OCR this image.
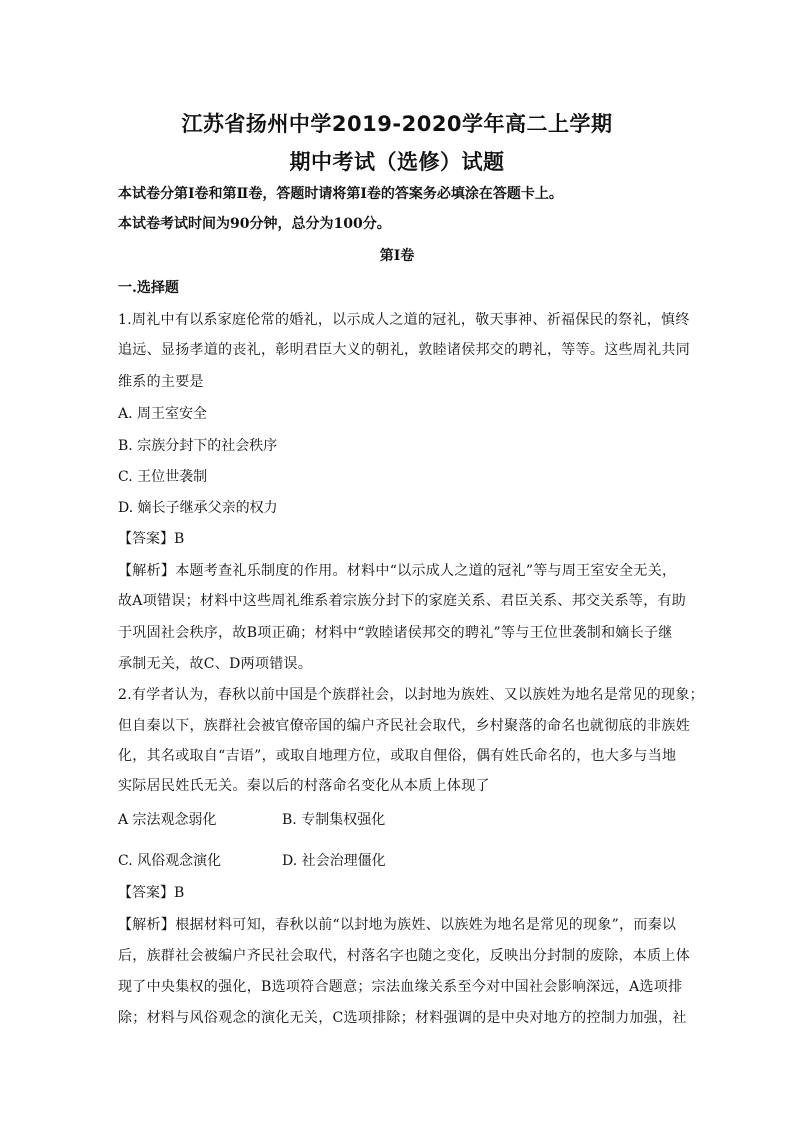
江苏省扬州中学2019-2020学年高二上学期
期中考试（选修）试题
本试卷分第Ⅰ卷和第Ⅱ卷，答题时请将第Ⅰ卷的答案务必填涂在答题卡上。
本试卷考试时间为90分钟，总分为100分。
第Ⅰ卷
一.选择题
1.周礼中有以系家庭伦常的婚礼，以示成人之道的冠礼，敬天事神、祈福保民的祭礼，慎终
追远、显扬孝道的丧礼，彰明君臣大义的朝礼，敦睦诸侯邦交的聘礼，等等。这些周礼共同
维系的主要是
A. 周王室安全
B. 宗族分封下的社会秩序
C. 王位世袭制
D. 嫡长子继承父亲的权力
【答案】B
【解析】本题考查礼乐制度的作用。材料中“以示成人之道的冠礼”等与周王室安全无关，
故A项错误；材料中这些周礼维系着宗族分封下的家庭关系、君臣关系、邦交关系等，有助
于巩固社会秩序，故B项正确；材料中“敦睦诸侯邦交的聘礼”等与王位世袭制和嫡长子继
承制无关，故C、D两项错误。
2.有学者认为，春秋以前中国是个族群社会，以封地为族姓、又以族姓为地名是常见的现象；
但自秦以下，族群社会被官僚帝国的编户齐民社会取代，乡村聚落的命名也就彻底的非族姓
化，其名或取自“吉语”，或取自地理方位，或取自俚俗，偶有姓氏命名的，也大多与当地
实际居民姓氏无关。秦以后的村落命名变化从本质上体现了
A 宗法观念弱化	B. 专制集权强化
C. 风俗观念演化	D. 社会治理僵化
【答案】B
【解析】根据材料可知，春秋以前“以封地为族姓、以族姓为地名是常见的现象”，而秦以
后，族群社会被编户齐民社会取代，村落名字也随之变化，反映出分封制的废除，本质上体
现了中央集权的强化，B选项符合题意；宗法血缘关系至今对中国社会影响深远，A选项排
除；材料与风俗观念的演化无关，C选项排除；材料强调的是中央对地方的控制力加强，社
